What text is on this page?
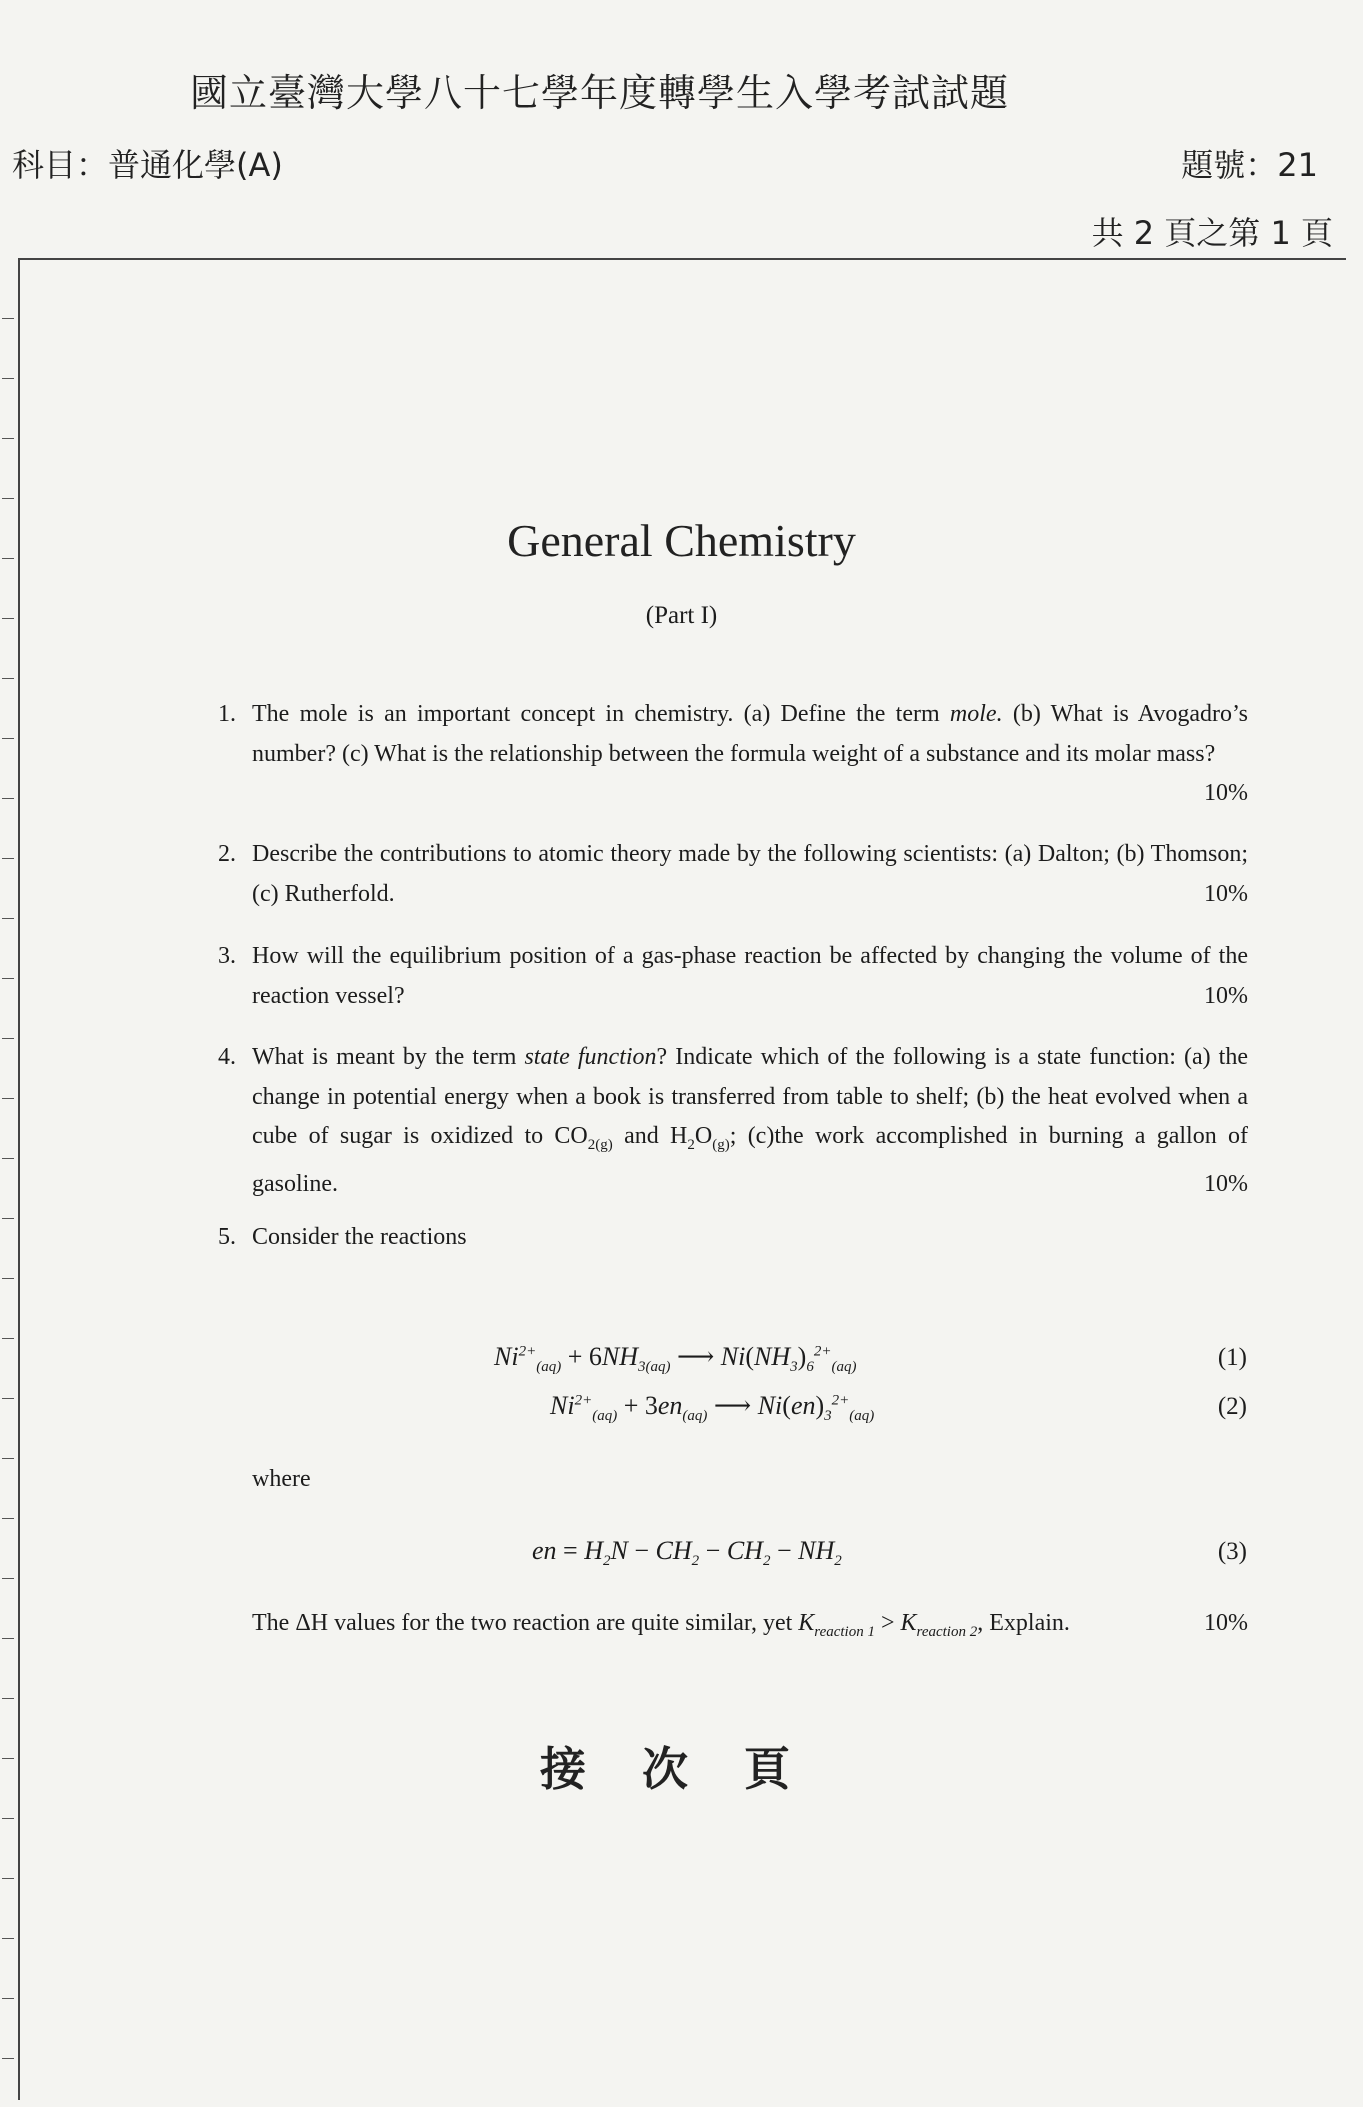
國立臺灣大學八十七學年度轉學生入學考試試題
科目：普通化學(A)	題號：21
共 2 頁之第 1 頁
General Chemistry
(Part I)
1. The mole is an important concept in chemistry. (a) Define the term mole. (b) What is Avogadro’s number? (c) What is the relationship between the formula weight of a substance and its molar mass?
10%
2. Describe the contributions to atomic theory made by the following scientists: (a) Dalton; (b) Thomson; (c) Rutherfold.	10%
3. How will the equilibrium position of a gas-phase reaction be affected by changing the volume of the reaction vessel?	10%
4. What is meant by the term state function? Indicate which of the following is a state function: (a) the change in potential energy when a book is transferred from table to shelf; (b) the heat evolved when a cube of sugar is oxidized to $CO_{2(g)}$ and $H_2O_{(g)}$; (c)the work accomplished in burning a gallon of gasoline.	10%
5. Consider the reactions
$Ni^{2+}_{(aq)} + 6NH_{3(aq)}$ ⟶ $Ni(NH_3)_6^{2+}_{(aq)}$	(1)
$Ni^{2+}_{(aq)} + 3en_{(aq)}$ ⟶ $Ni(en)_3^{2+}_{(aq)}$	(2)
where
en = $H_2N - CH_2 - CH_2 - NH_2$	(3)
The ΔH values for the two reaction are quite similar, yet $K_{reaction 1} > K_{reaction 2}$, Explain.	10%
接次頁
